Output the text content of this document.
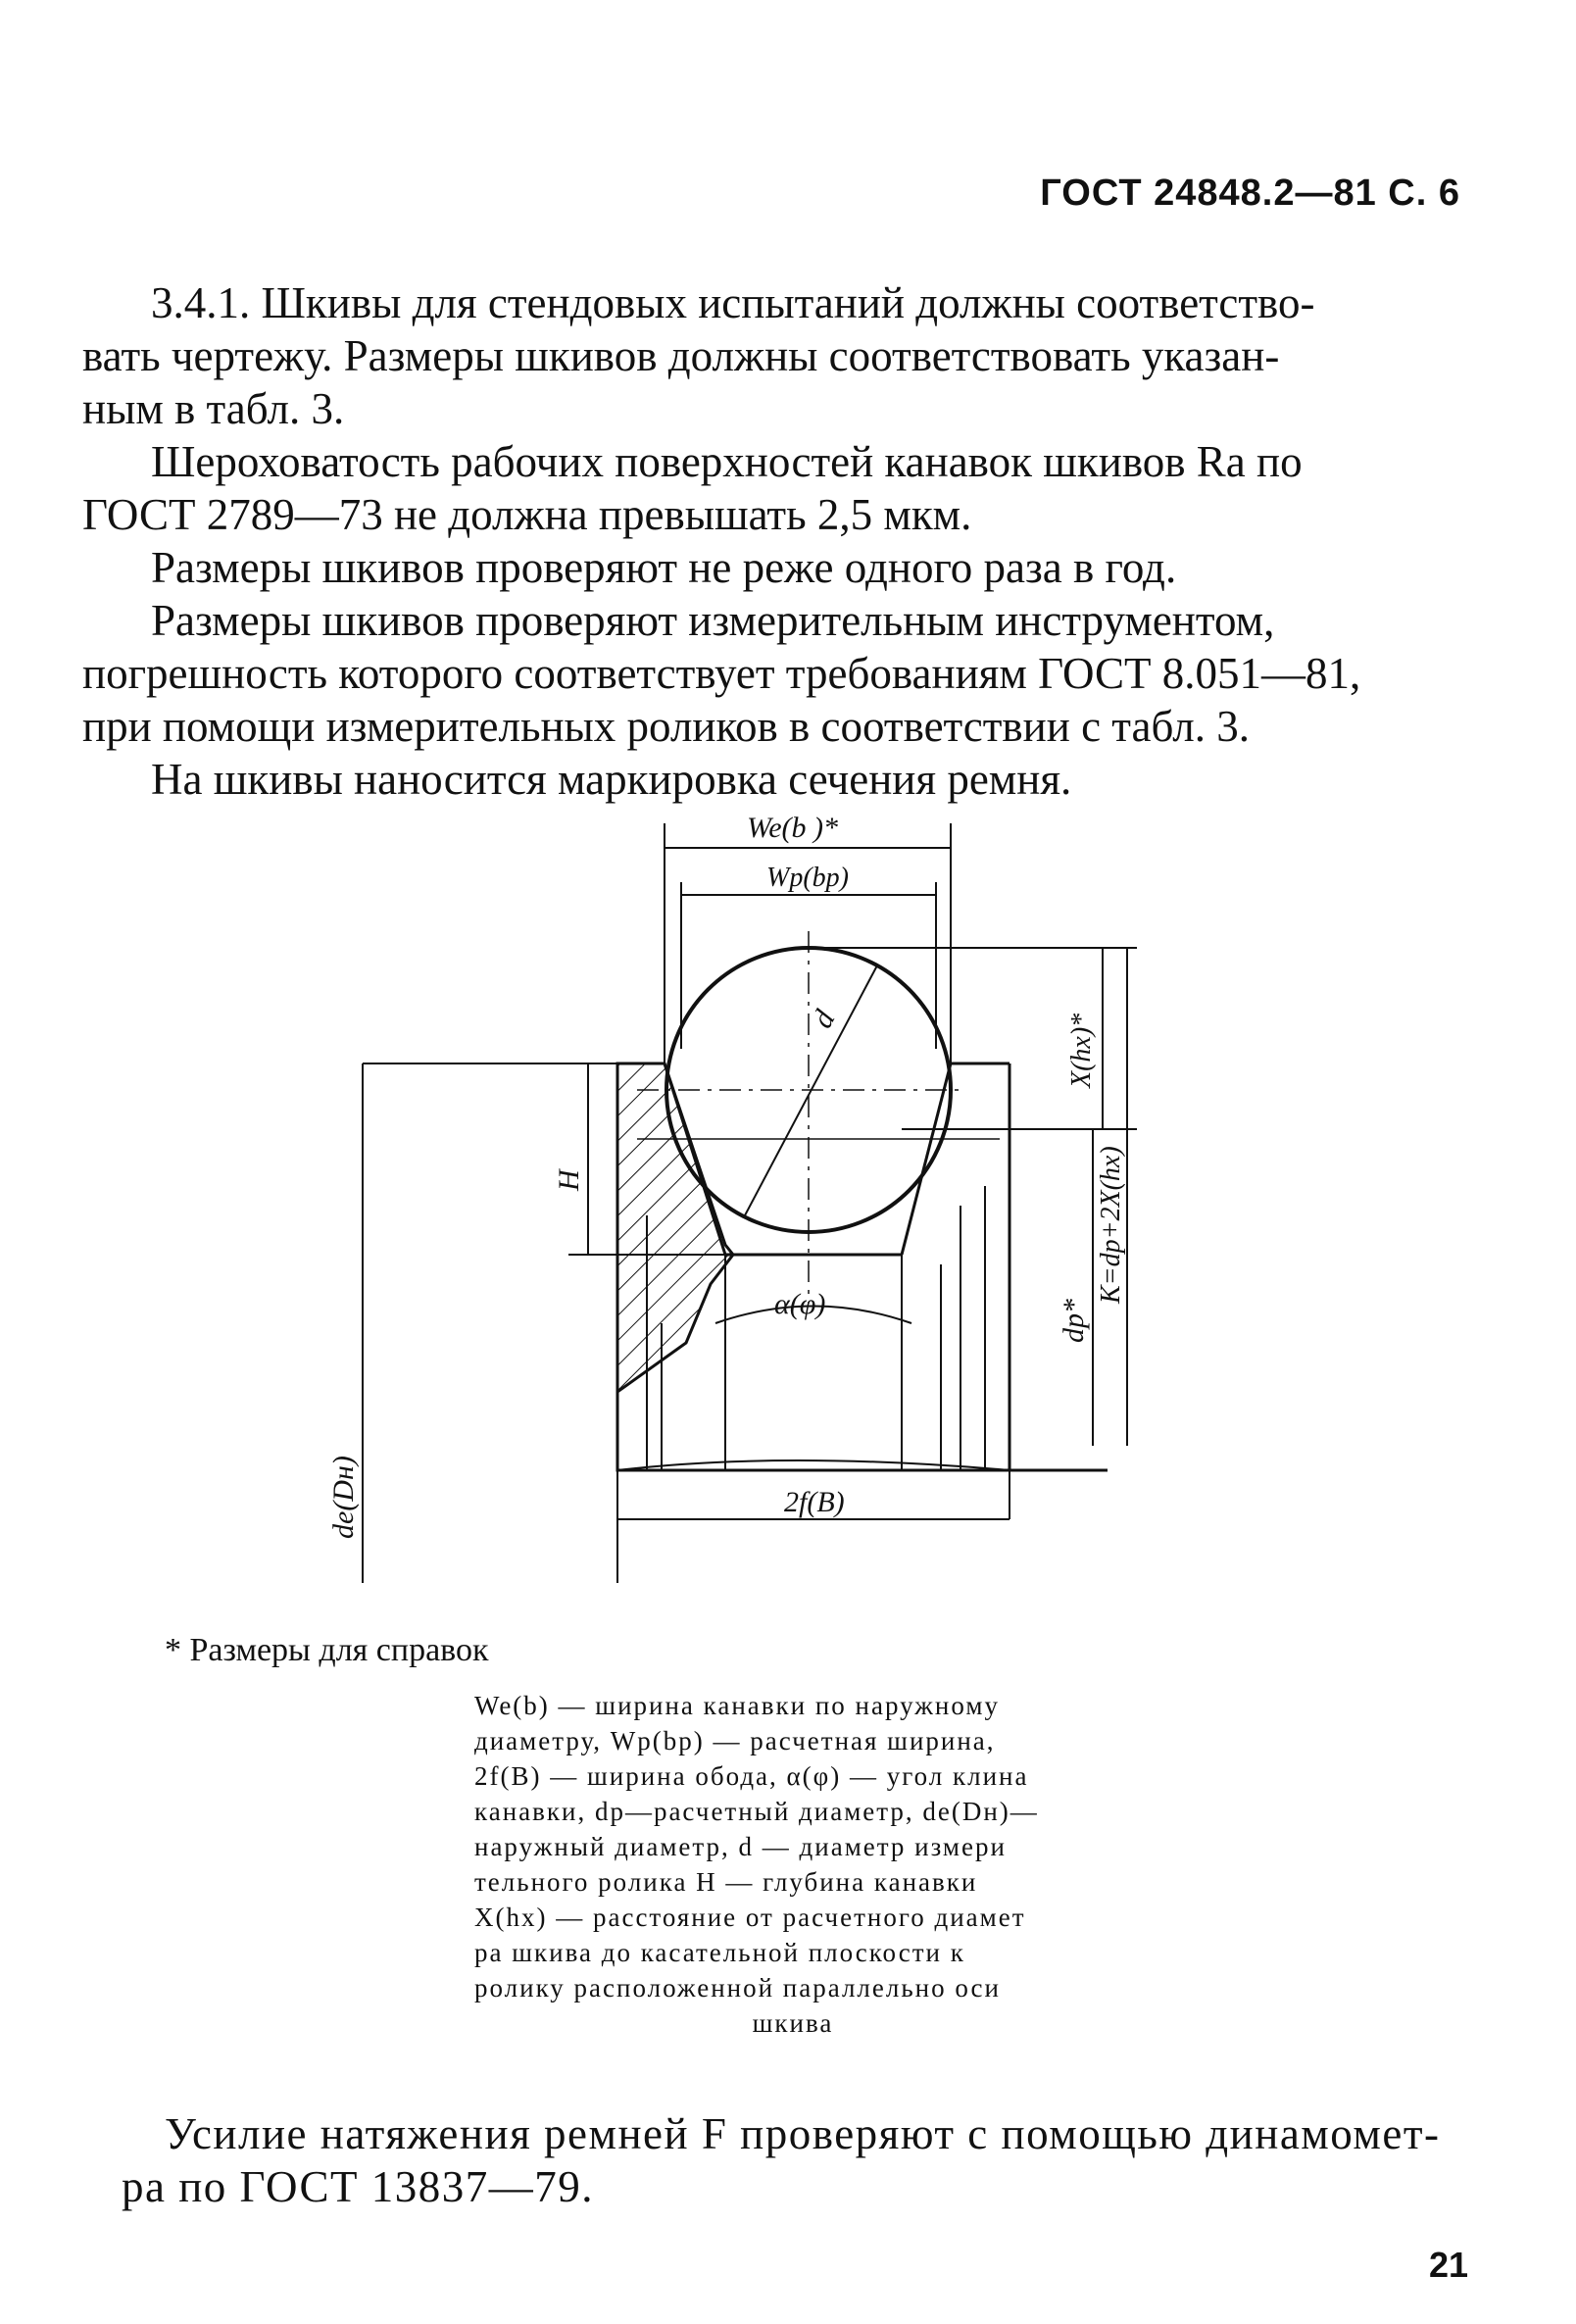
ГОСТ 24848.2—81 С. 6

3.4.1. Шкивы для стендовых испытаний должны соответство-
вать чертежу. Размеры шкивов должны соответствовать указан-
ным в табл. 3.

Шероховатость рабочих поверхностей канавок шкивов Ra по
ГОСТ 2789—73 не должна превышать 2,5 мкм.

Размеры шкивов проверяют не реже одного раза в год.

Размеры шкивов проверяют измерительным инструментом,
погрешность которого соответствует требованиям ГОСТ 8.051—81,
при помощи измерительных роликов в соответствии с табл. 3.

На шкивы наносится маркировка сечения ремня.

We(b )*
Wp(bp)
d	X(hx)*
K=dp+2X(hx)
H
α(φ)	dp*
de(Dн)	2f(B)
* Размеры для справок
We(b) — ширина канавки по наружному
диаметру, Wp(bp) — расчетная ширина,
2f(B) — ширина обода, α(φ) — угол клина
канавки, dp—расчетный диаметр, de(Dн)—
наружный диаметр, d — диаметр измери
тельного ролика H — глубина канавки
X(hx) — расстояние от расчетного диамет
ра шкива до касательной плоскости к
ролику расположенной параллельно оси
шкива
Усилие натяжения ремней F проверяют с помощью динамомет-
ра по ГОСТ 13837—79.
21
